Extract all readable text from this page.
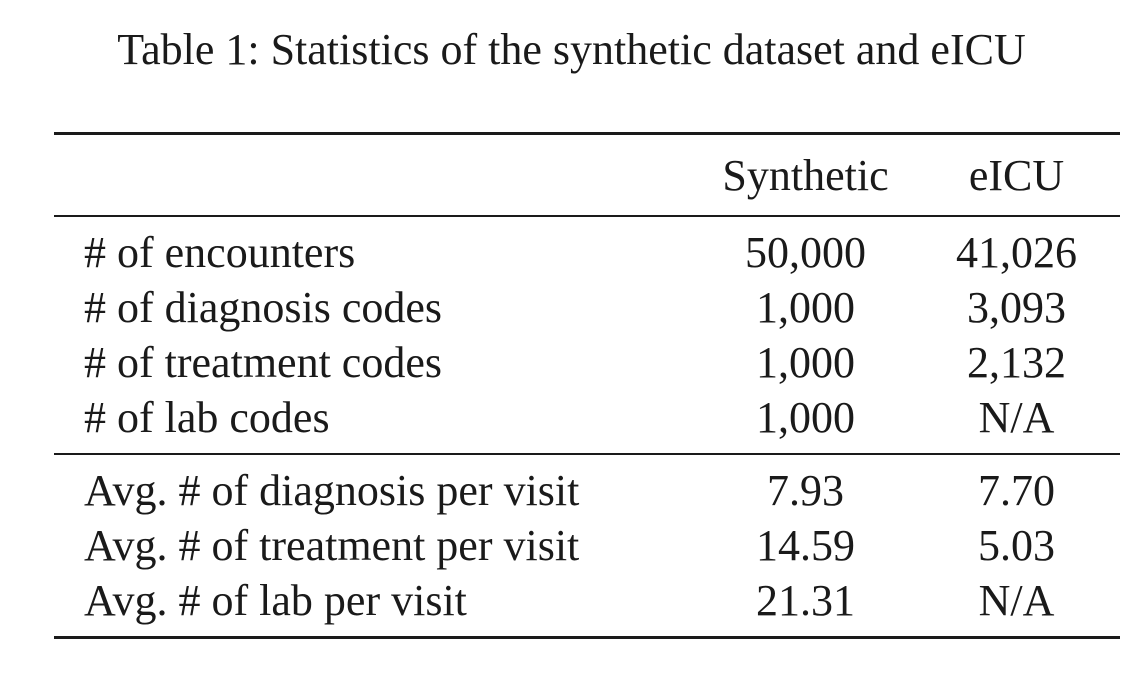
Table 1: Statistics of the synthetic dataset and eICU
	Synthetic	eICU

# of encounters	50,000	41,026
# of diagnosis codes	1,000	3,093
# of treatment codes	1,000	2,132
# of lab codes	1,000	N/A

Avg. # of diagnosis per visit	7.93	7.70
Avg. # of treatment per visit	14.59	5.03
Avg. # of lab per visit	21.31	N/A
